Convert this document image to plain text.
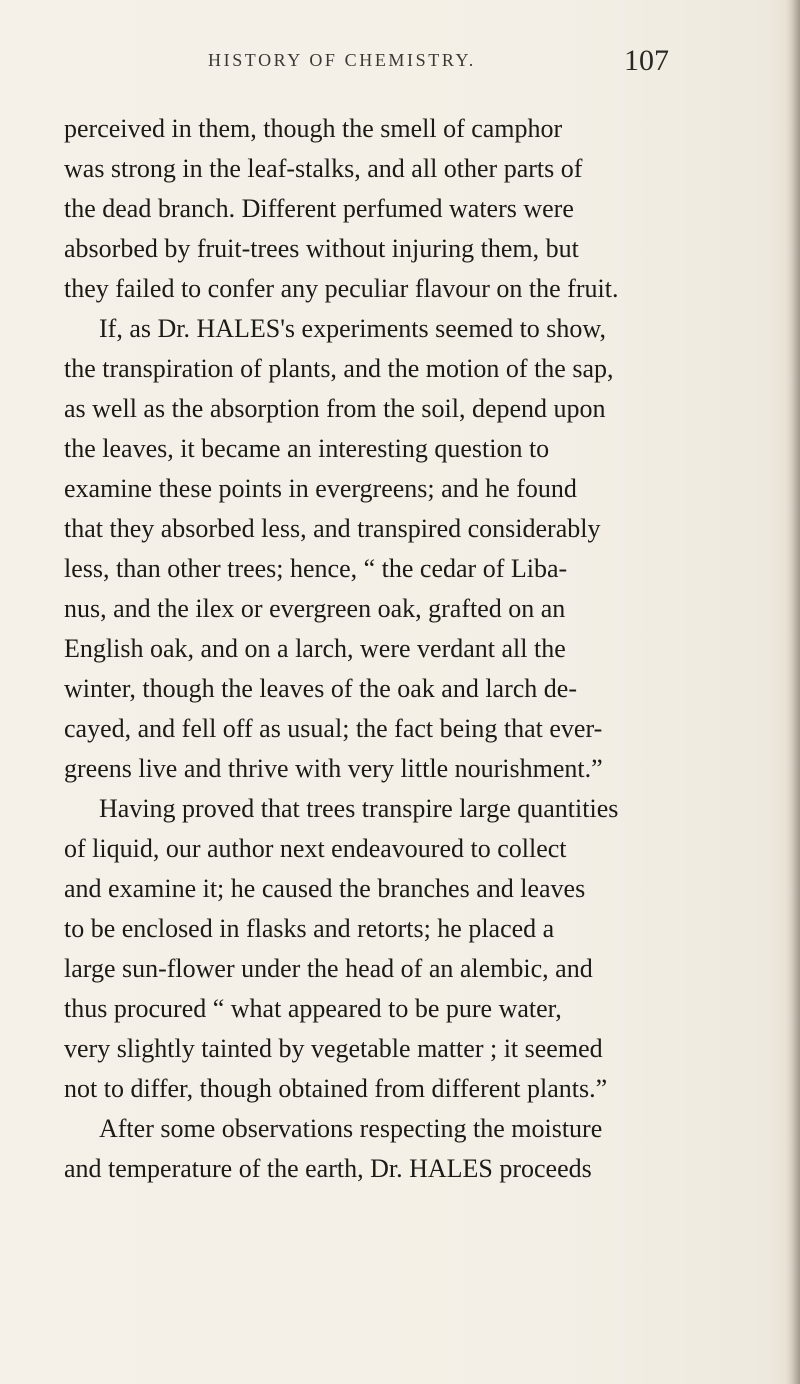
HISTORY OF CHEMISTRY.	107
perceived in them, though the smell of camphor
was strong in the leaf-stalks, and all other parts of
the dead branch. Different perfumed waters were
absorbed by fruit-trees without injuring them, but
they failed to confer any peculiar flavour on the fruit.
If, as Dr. HALES's experiments seemed to show,
the transpiration of plants, and the motion of the sap,
as well as the absorption from the soil, depend upon
the leaves, it became an interesting question to
examine these points in evergreens; and he found
that they absorbed less, and transpired considerably
less, than other trees; hence, “ the cedar of Liba-
nus, and the ilex or evergreen oak, grafted on an
English oak, and on a larch, were verdant all the
winter, though the leaves of the oak and larch de-
cayed, and fell off as usual; the fact being that ever-
greens live and thrive with very little nourishment.”
Having proved that trees transpire large quantities
of liquid, our author next endeavoured to collect
and examine it; he caused the branches and leaves
to be enclosed in flasks and retorts; he placed a
large sun-flower under the head of an alembic, and
thus procured “ what appeared to be pure water,
very slightly tainted by vegetable matter ; it seemed
not to differ, though obtained from different plants.”
After some observations respecting the moisture
and temperature of the earth, Dr. HALES proceeds
